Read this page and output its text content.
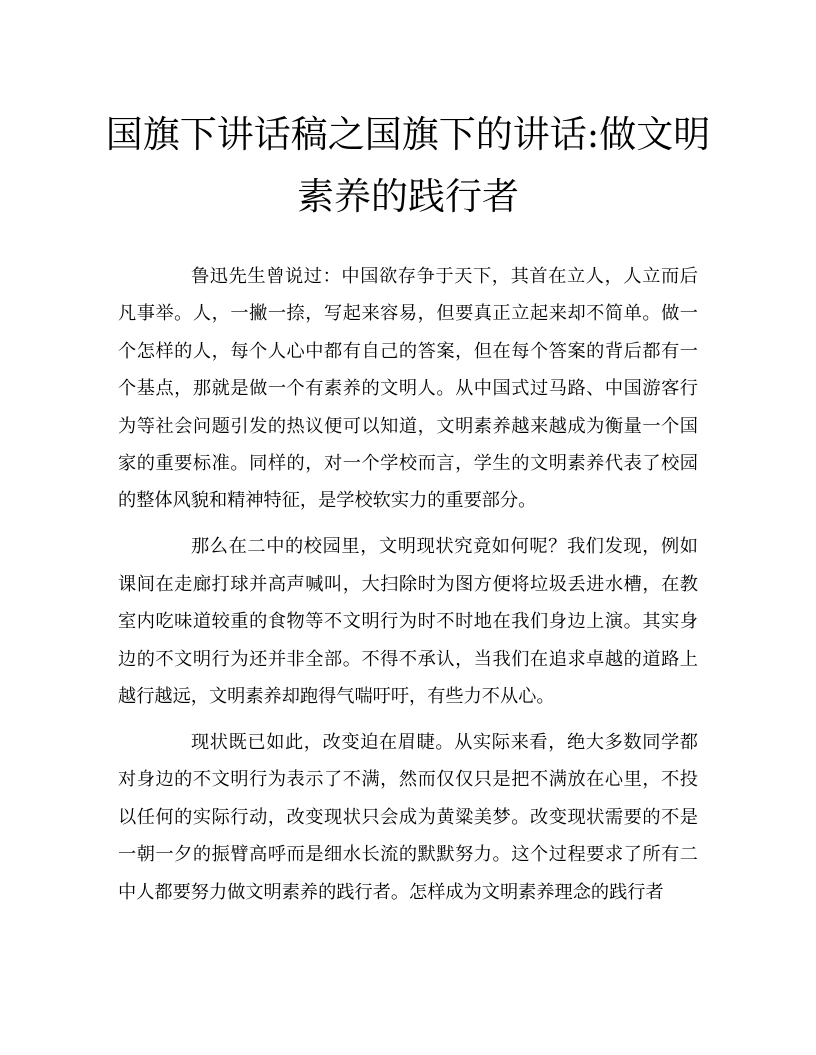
国旗下讲话稿之国旗下的讲话:做文明素养的践行者

鲁迅先生曾说过：中国欲存争于天下，其首在立人，人立而后凡事举。人，一撇一捺，写起来容易，但要真正立起来却不简单。做一个怎样的人，每个人心中都有自己的答案，但在每个答案的背后都有一个基点，那就是做一个有素养的文明人。从中国式过马路、中国游客行为等社会问题引发的热议便可以知道，文明素养越来越成为衡量一个国家的重要标准。同样的，对一个学校而言，学生的文明素养代表了校园的整体风貌和精神特征，是学校软实力的重要部分。

那么在二中的校园里，文明现状究竟如何呢？我们发现，例如课间在走廊打球并高声喊叫，大扫除时为图方便将垃圾丢进水槽，在教室内吃味道较重的食物等不文明行为时不时地在我们身边上演。其实身边的不文明行为还并非全部。不得不承认，当我们在追求卓越的道路上越行越远，文明素养却跑得气喘吁吁，有些力不从心。

现状既已如此，改变迫在眉睫。从实际来看，绝大多数同学都对身边的不文明行为表示了不满，然而仅仅只是把不满放在心里，不投以任何的实际行动，改变现状只会成为黄粱美梦。改变现状需要的不是一朝一夕的振臂高呼而是细水长流的默默努力。这个过程要求了所有二中人都要努力做文明素养的践行者。怎样成为文明素养理念的践行者
